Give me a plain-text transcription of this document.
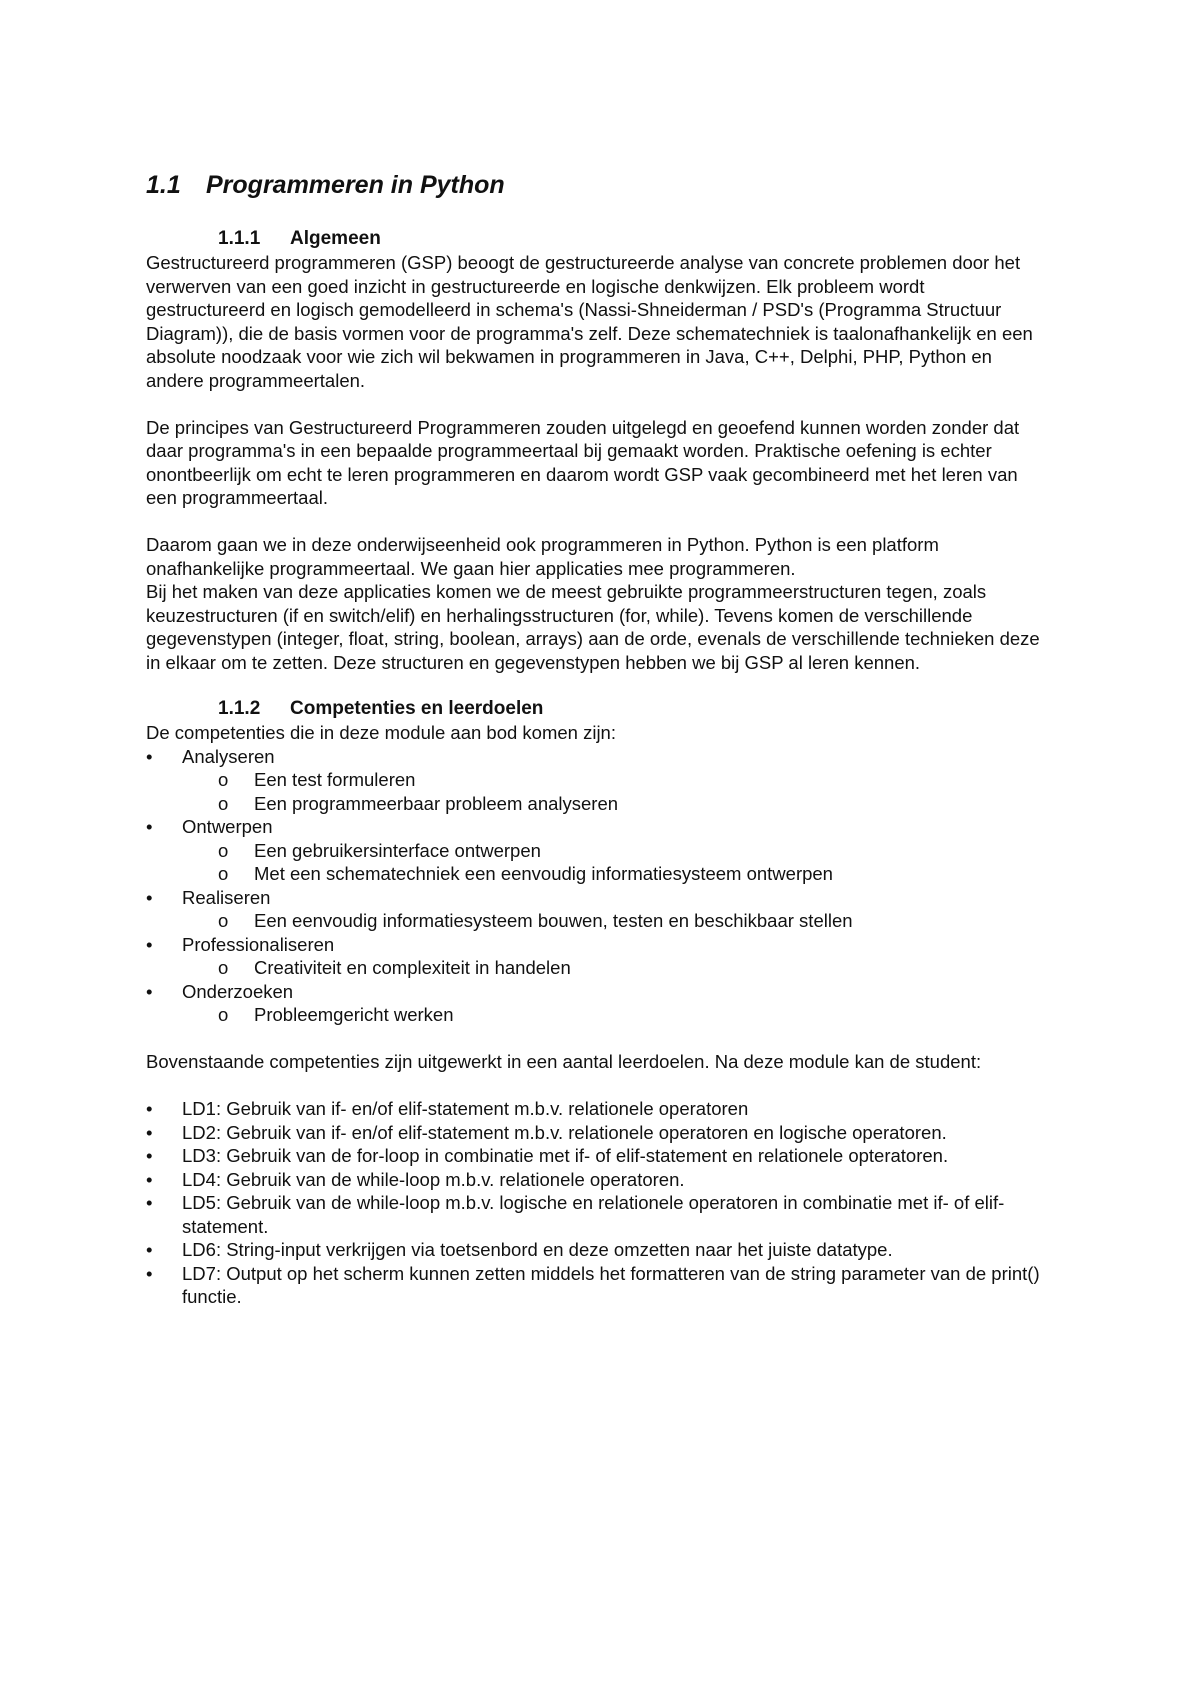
1.1	Programmeren in Python
1.1.1	Algemeen

Gestructureerd programmeren (GSP) beoogt de gestructureerde analyse van concrete problemen door het verwerven van een goed inzicht in gestructureerde en logische denkwijzen. Elk probleem wordt gestructureerd en logisch gemodelleerd in schema's (Nassi-Shneiderman / PSD's (Programma Structuur Diagram)), die de basis vormen voor de programma's zelf. Deze schematechniek is taalonafhankelijk en een absolute noodzaak voor wie zich wil bekwamen in programmeren in Java, C++, Delphi, PHP, Python en andere programmeertalen.

De principes van Gestructureerd Programmeren zouden uitgelegd en geoefend kunnen worden zonder dat daar programma's in een bepaalde programmeertaal bij gemaakt worden. Praktische oefening is echter onontbeerlijk om echt te leren programmeren en daarom wordt GSP vaak gecombineerd met het leren van een programmeertaal.

Daarom gaan we in deze onderwijseenheid ook programmeren in Python. Python is een platform onafhankelijke programmeertaal. We gaan hier applicaties mee programmeren.

Bij het maken van deze applicaties komen we de meest gebruikte programmeerstructuren tegen, zoals keuzestructuren (if en switch/elif) en herhalingsstructuren (for, while). Tevens komen de verschillende gegevenstypen (integer, float, string, boolean, arrays) aan de orde, evenals de verschillende technieken deze in elkaar om te zetten. Deze structuren en gegevenstypen hebben we bij GSP al leren kennen.

1.1.2	Competenties en leerdoelen

De competenties die in deze module aan bod komen zijn:

• Analyseren
o Een test formuleren
o Een programmeerbaar probleem analyseren
• Ontwerpen
o Een gebruikersinterface ontwerpen
o Met een schematechniek een eenvoudig informatiesysteem ontwerpen
• Realiseren
o Een eenvoudig informatiesysteem bouwen, testen en beschikbaar stellen
• Professionaliseren
o Creativiteit en complexiteit in handelen
• Onderzoeken
o Probleemgericht werken

Bovenstaande competenties zijn uitgewerkt in een aantal leerdoelen. Na deze module kan de student:

• LD1: Gebruik van if- en/of elif-statement m.b.v. relationele operatoren
• LD2: Gebruik van if- en/of elif-statement m.b.v. relationele operatoren en logische operatoren.
• LD3: Gebruik van de for-loop in combinatie met if- of elif-statement en relationele opteratoren.
• LD4: Gebruik van de while-loop m.b.v. relationele operatoren.
• LD5: Gebruik van de while-loop m.b.v. logische en relationele operatoren in combinatie met if- of elif-statement.
• LD6: String-input verkrijgen via toetsenbord en deze omzetten naar het juiste datatype.
• LD7: Output op het scherm kunnen zetten middels het formatteren van de string parameter van de print() functie.
